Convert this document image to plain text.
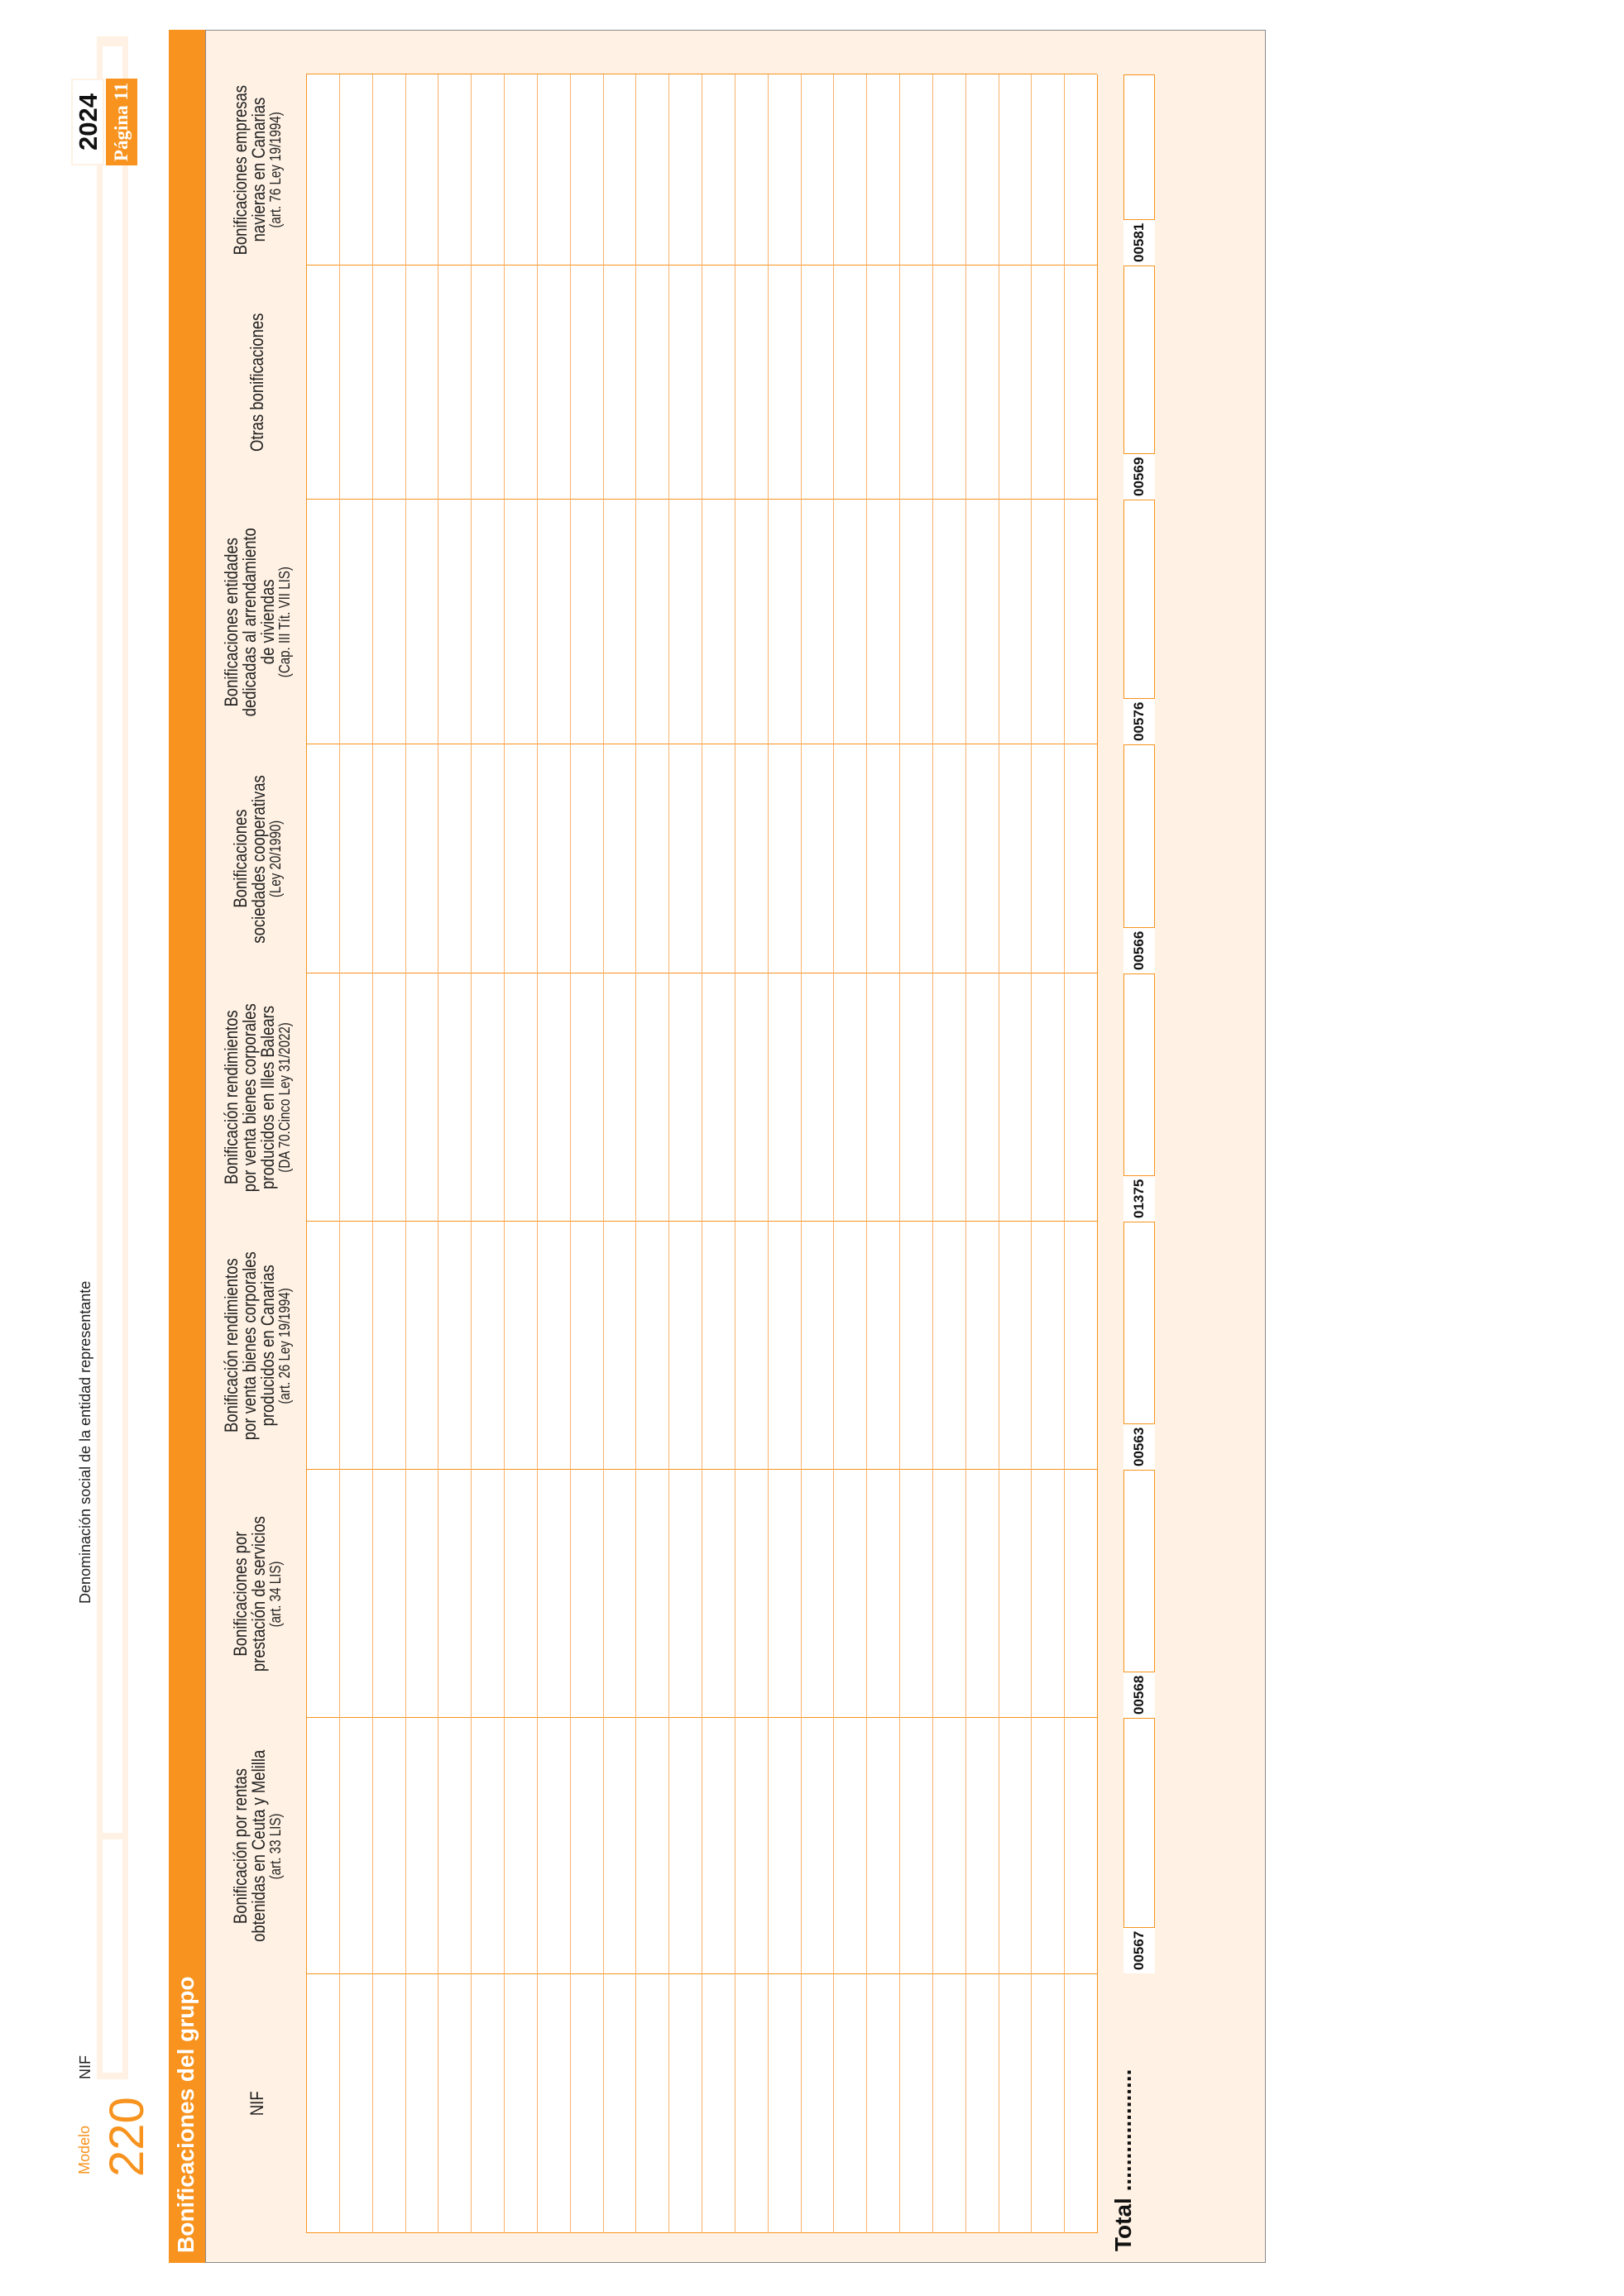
Modelo 220
NIF
Denominación social de la entidad representante
2024 Página 11
Bonificaciones del grupo	NIF
Bonificación por rentas
obtenidas en Ceuta y Melilla
(art. 33 LIS)
Bonificaciones por
prestación de servicios
(art. 34 LIS)
Bonificación rendimientos
por venta bienes corporales
producidos en Canarias
(art. 26 Ley 19/1994)
Bonificación rendimientos
por venta bienes corporales
producidos en Illes Balears
(DA 70.Cinco Ley 31/2022)
Bonificaciones
sociedades cooperativas
(Ley 20/1990)
Bonificaciones entidades
dedicadas al arrendamiento
de viviendas
(Cap. III Tít. VII LIS)
Otras bonificaciones
Bonificaciones empresas
navieras en Canarias
(art. 76 Ley 19/1994)
Total ...................
00567
00568
00563
01375
00566
00576
00569
00581
